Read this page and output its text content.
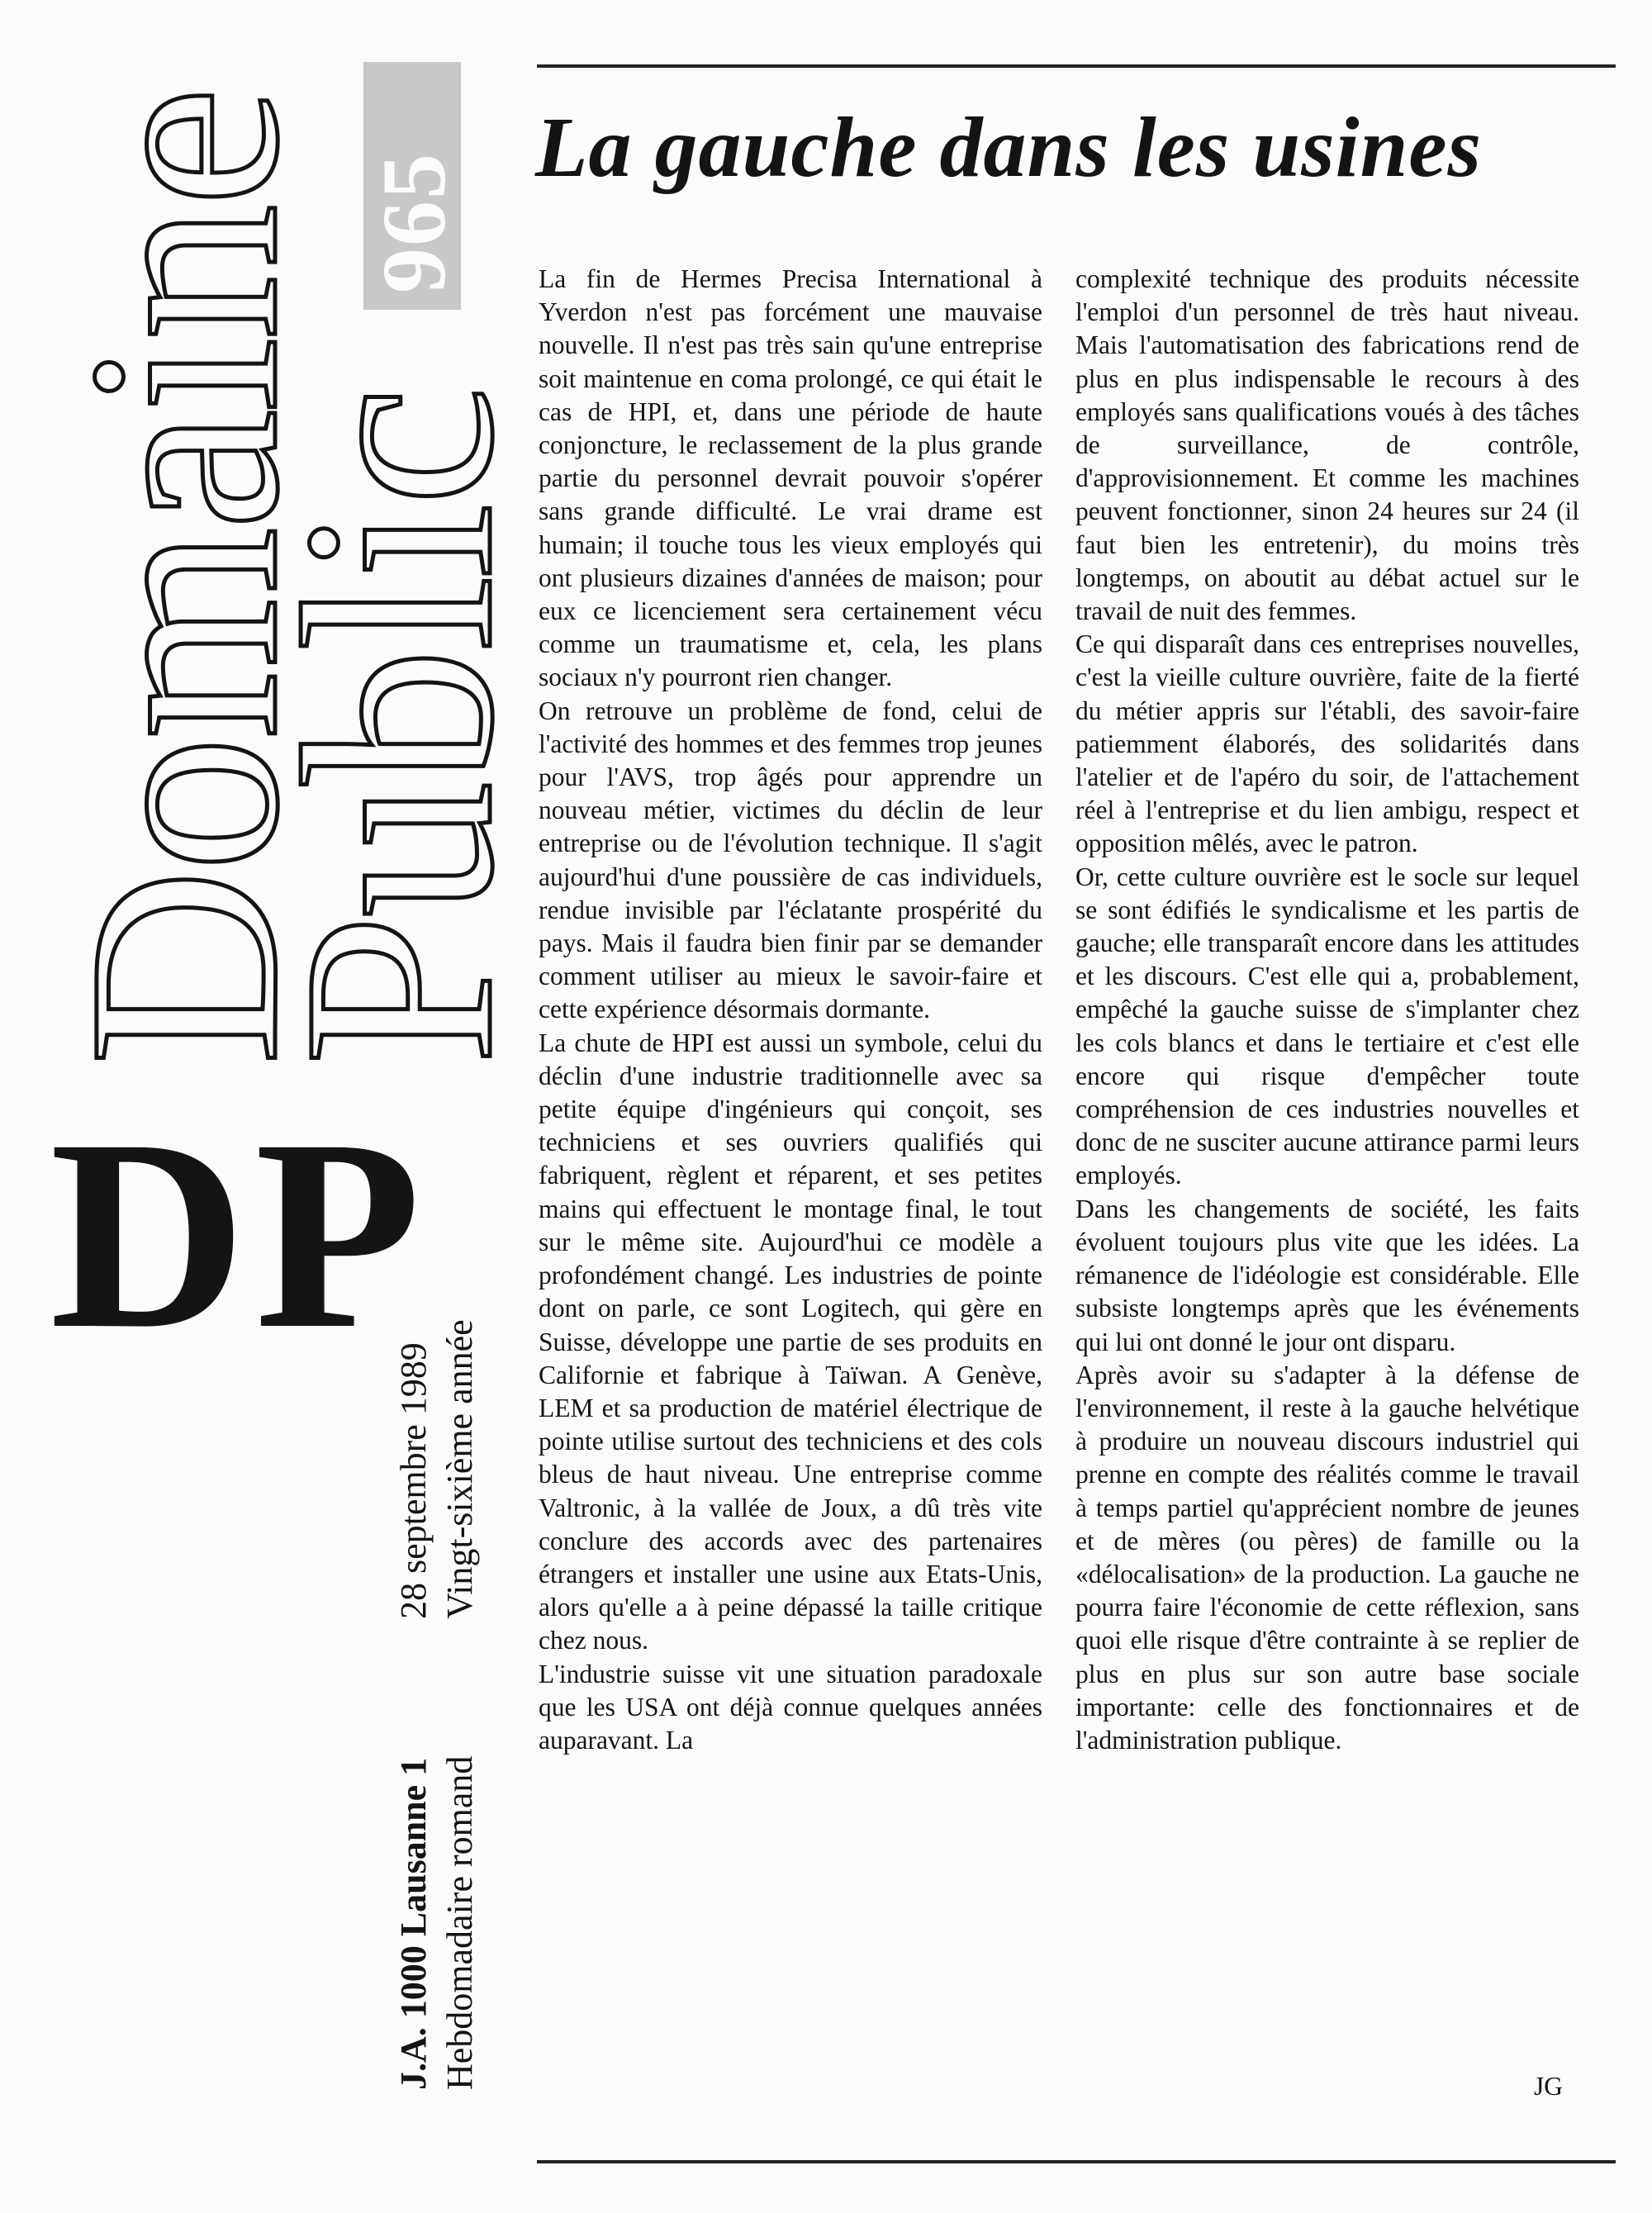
Domaine
Public
965
DP
J.A. 1000 Lausanne 1 Hebdomadaire romand
28 septembre 1989 Vingt-sixième année
La gauche dans les usines

La fin de Hermes Precisa International à Yverdon n'est pas forcément une mauvaise nouvelle. Il n'est pas très sain qu'une entreprise soit maintenue en coma prolongé, ce qui était le cas de HPI, et, dans une période de haute conjoncture, le reclassement de la plus grande partie du personnel devrait pouvoir s'opérer sans grande difficulté. Le vrai drame est humain; il touche tous les vieux employés qui ont plusieurs dizaines d'années de maison; pour eux ce licenciement sera certainement vécu comme un traumatisme et, cela, les plans sociaux n'y pourront rien changer.

On retrouve un problème de fond, celui de l'activité des hommes et des femmes trop jeunes pour l'AVS, trop âgés pour apprendre un nouveau métier, victimes du déclin de leur entreprise ou de l'évolution technique. Il s'agit aujourd'hui d'une poussière de cas individuels, rendue invisible par l'éclatante prospérité du pays. Mais il faudra bien finir par se demander comment utiliser au mieux le savoir-faire et cette expérience désormais dormante.

La chute de HPI est aussi un symbole, celui du déclin d'une industrie traditionnelle avec sa petite équipe d'ingénieurs qui conçoit, ses techniciens et ses ouvriers qualifiés qui fabriquent, règlent et réparent, et ses petites mains qui effectuent le montage final, le tout sur le même site. Aujourd'hui ce modèle a profondément changé. Les industries de pointe dont on parle, ce sont Logitech, qui gère en Suisse, développe une partie de ses produits en Californie et fabrique à Taïwan. A Genève, LEM et sa production de matériel électrique de pointe utilise surtout des techniciens et des cols bleus de haut niveau. Une entreprise comme Valtronic, à la vallée de Joux, a dû très vite conclure des accords avec des partenaires étrangers et installer une usine aux Etats-Unis, alors qu'elle a à peine dépassé la taille critique chez nous.

L'industrie suisse vit une situation paradoxale que les USA ont déjà connue quelques années auparavant. La

complexité technique des produits nécessite l'emploi d'un personnel de très haut niveau. Mais l'automatisation des fabrications rend de plus en plus indispensable le recours à des employés sans qualifications voués à des tâches de surveillance, de contrôle, d'approvisionnement. Et comme les machines peuvent fonctionner, sinon 24 heures sur 24 (il faut bien les entretenir), du moins très longtemps, on aboutit au débat actuel sur le travail de nuit des femmes.

Ce qui disparaît dans ces entreprises nouvelles, c'est la vieille culture ouvrière, faite de la fierté du métier appris sur l'établi, des savoir-faire patiemment élaborés, des solidarités dans l'atelier et de l'apéro du soir, de l'attachement réel à l'entreprise et du lien ambigu, respect et opposition mêlés, avec le patron.

Or, cette culture ouvrière est le socle sur lequel se sont édifiés le syndicalisme et les partis de gauche; elle transparaît encore dans les attitudes et les discours. C'est elle qui a, probablement, empêché la gauche suisse de s'implanter chez les cols blancs et dans le tertiaire et c'est elle encore qui risque d'empêcher toute compréhension de ces industries nouvelles et donc de ne susciter aucune attirance parmi leurs employés.

Dans les changements de société, les faits évoluent toujours plus vite que les idées. La rémanence de l'idéologie est considérable. Elle subsiste longtemps après que les événements qui lui ont donné le jour ont disparu.

Après avoir su s'adapter à la défense de l'environnement, il reste à la gauche helvétique à produire un nouveau discours industriel qui prenne en compte des réalités comme le travail à temps partiel qu'apprécient nombre de jeunes et de mères (ou pères) de famille ou la «délocalisation» de la production. La gauche ne pourra faire l'économie de cette réflexion, sans quoi elle risque d'être contrainte à se replier de plus en plus sur son autre base sociale importante: celle des fonctionnaires et de l'administration publique.

JG
